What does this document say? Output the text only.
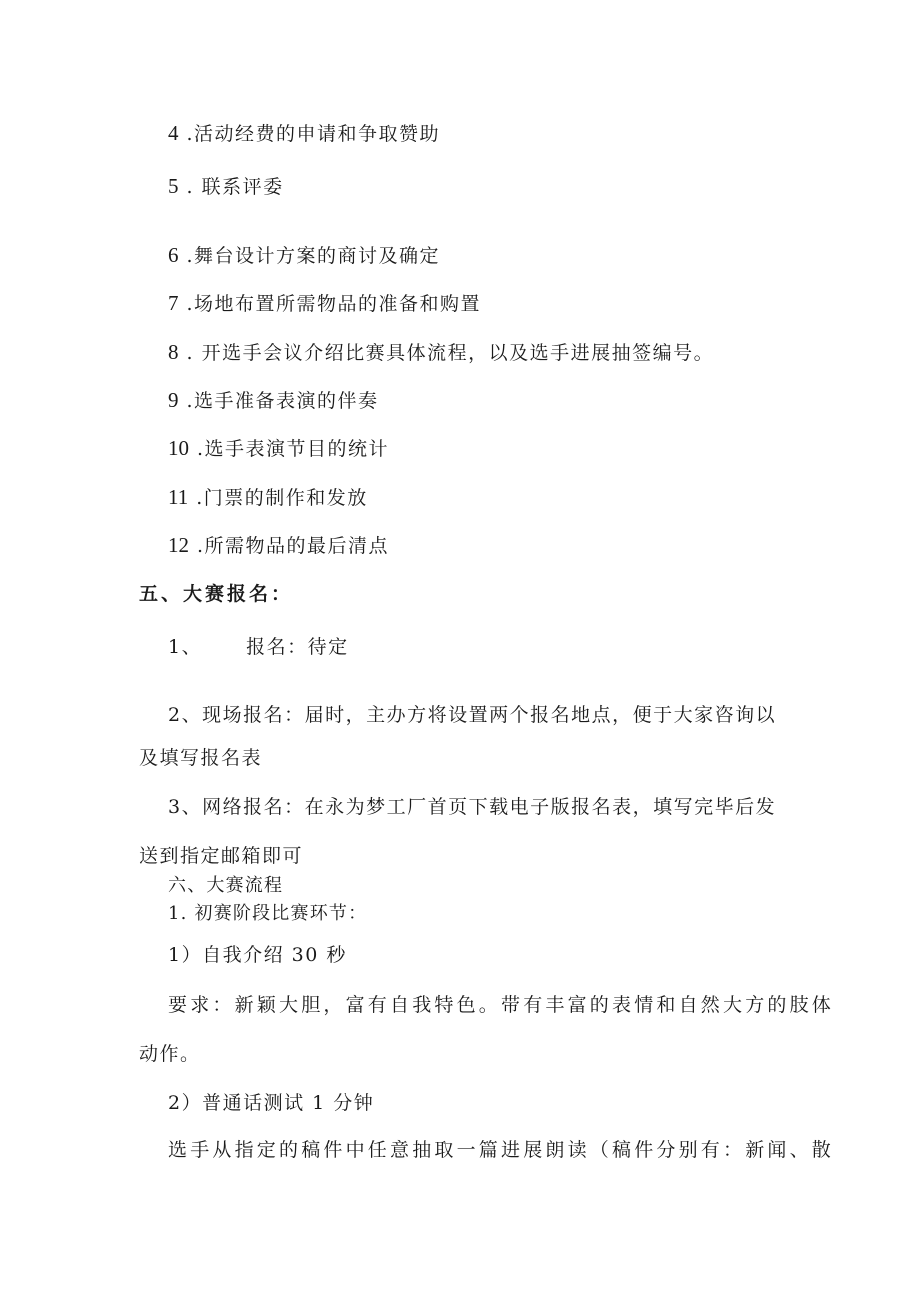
4 .活动经费的申请和争取赞助
5 . 联系评委
6 .舞台设计方案的商讨及确定
7 .场地布置所需物品的准备和购置
8 . 开选手会议介绍比赛具体流程，以及选手进展抽签编号。
9 .选手准备表演的伴奏
10 .选手表演节目的统计
11 .门票的制作和发放
12 .所需物品的最后清点
五、大赛报名：
1、 报名：待定
2、现场报名：届时，主办方将设置两个报名地点，便于大家咨询以
及填写报名表
3、网络报名：在永为梦工厂首页下载电子版报名表，填写完毕后发
送到指定邮箱即可
六、大赛流程
1. 初赛阶段比赛环节：
1）自我介绍 30 秒
要求：新颖大胆，富有自我特色。带有丰富的表情和自然大方的肢体
动作。
2）普通话测试 1 分钟
选手从指定的稿件中任意抽取一篇进展朗读（稿件分别有：新闻、散
